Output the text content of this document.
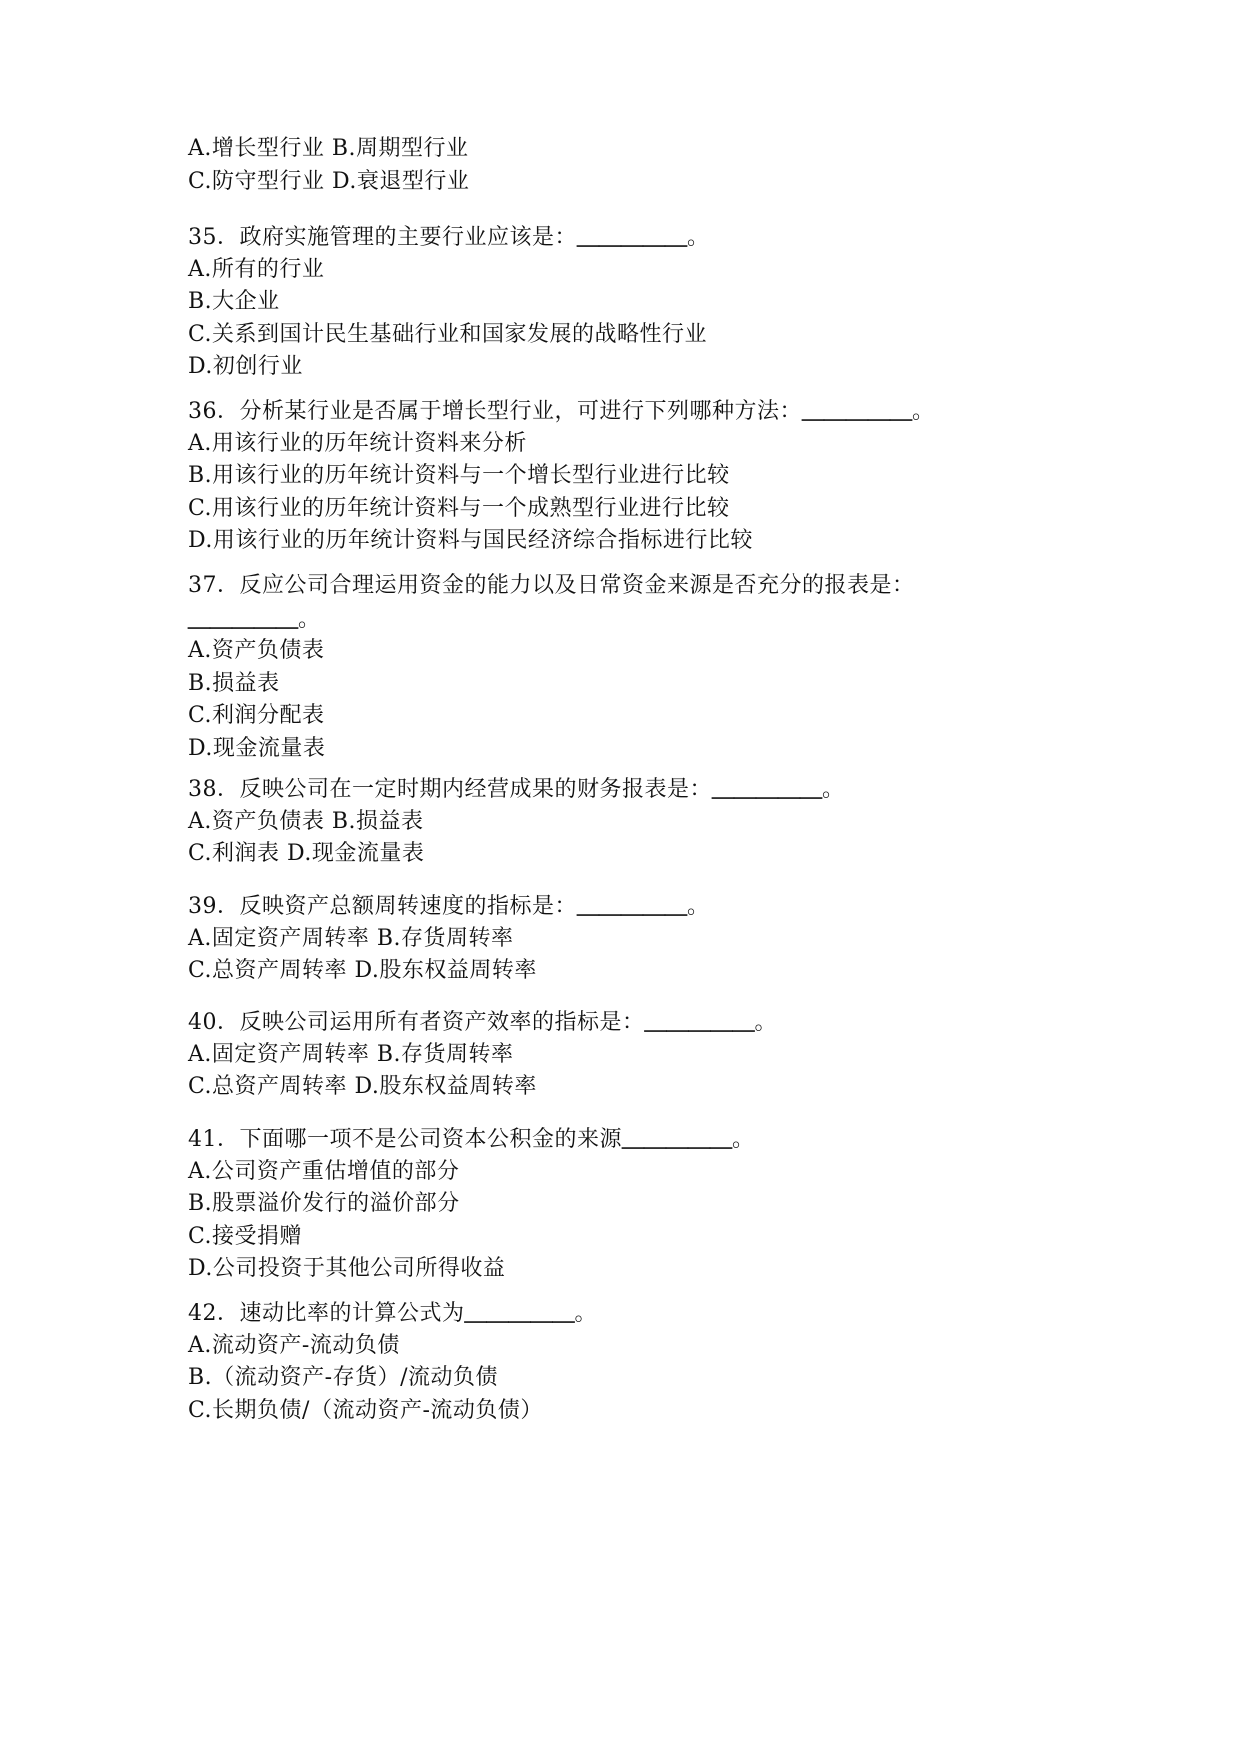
A.增长型行业 B.周期型行业
C.防守型行业 D.衰退型行业
35．政府实施管理的主要行业应该是：＿＿＿＿＿。
A.所有的行业
B.大企业
C.关系到国计民生基础行业和国家发展的战略性行业
D.初创行业
36．分析某行业是否属于增长型行业，可进行下列哪种方法：＿＿＿＿＿。
A.用该行业的历年统计资料来分析
B.用该行业的历年统计资料与一个增长型行业进行比较
C.用该行业的历年统计资料与一个成熟型行业进行比较
D.用该行业的历年统计资料与国民经济综合指标进行比较
37．反应公司合理运用资金的能力以及日常资金来源是否充分的报表是：
＿＿＿＿＿。
A.资产负债表
B.损益表
C.利润分配表
D.现金流量表
38．反映公司在一定时期内经营成果的财务报表是：＿＿＿＿＿。
A.资产负债表 B.损益表
C.利润表 D.现金流量表
39．反映资产总额周转速度的指标是：＿＿＿＿＿。
A.固定资产周转率 B.存货周转率
C.总资产周转率 D.股东权益周转率
40．反映公司运用所有者资产效率的指标是：＿＿＿＿＿。
A.固定资产周转率 B.存货周转率
C.总资产周转率 D.股东权益周转率
41．下面哪一项不是公司资本公积金的来源＿＿＿＿＿。
A.公司资产重估增值的部分
B.股票溢价发行的溢价部分
C.接受捐赠
D.公司投资于其他公司所得收益
42．速动比率的计算公式为＿＿＿＿＿。
A.流动资产-流动负债
B.（流动资产-存货）/流动负债
C.长期负债/（流动资产-流动负债）
